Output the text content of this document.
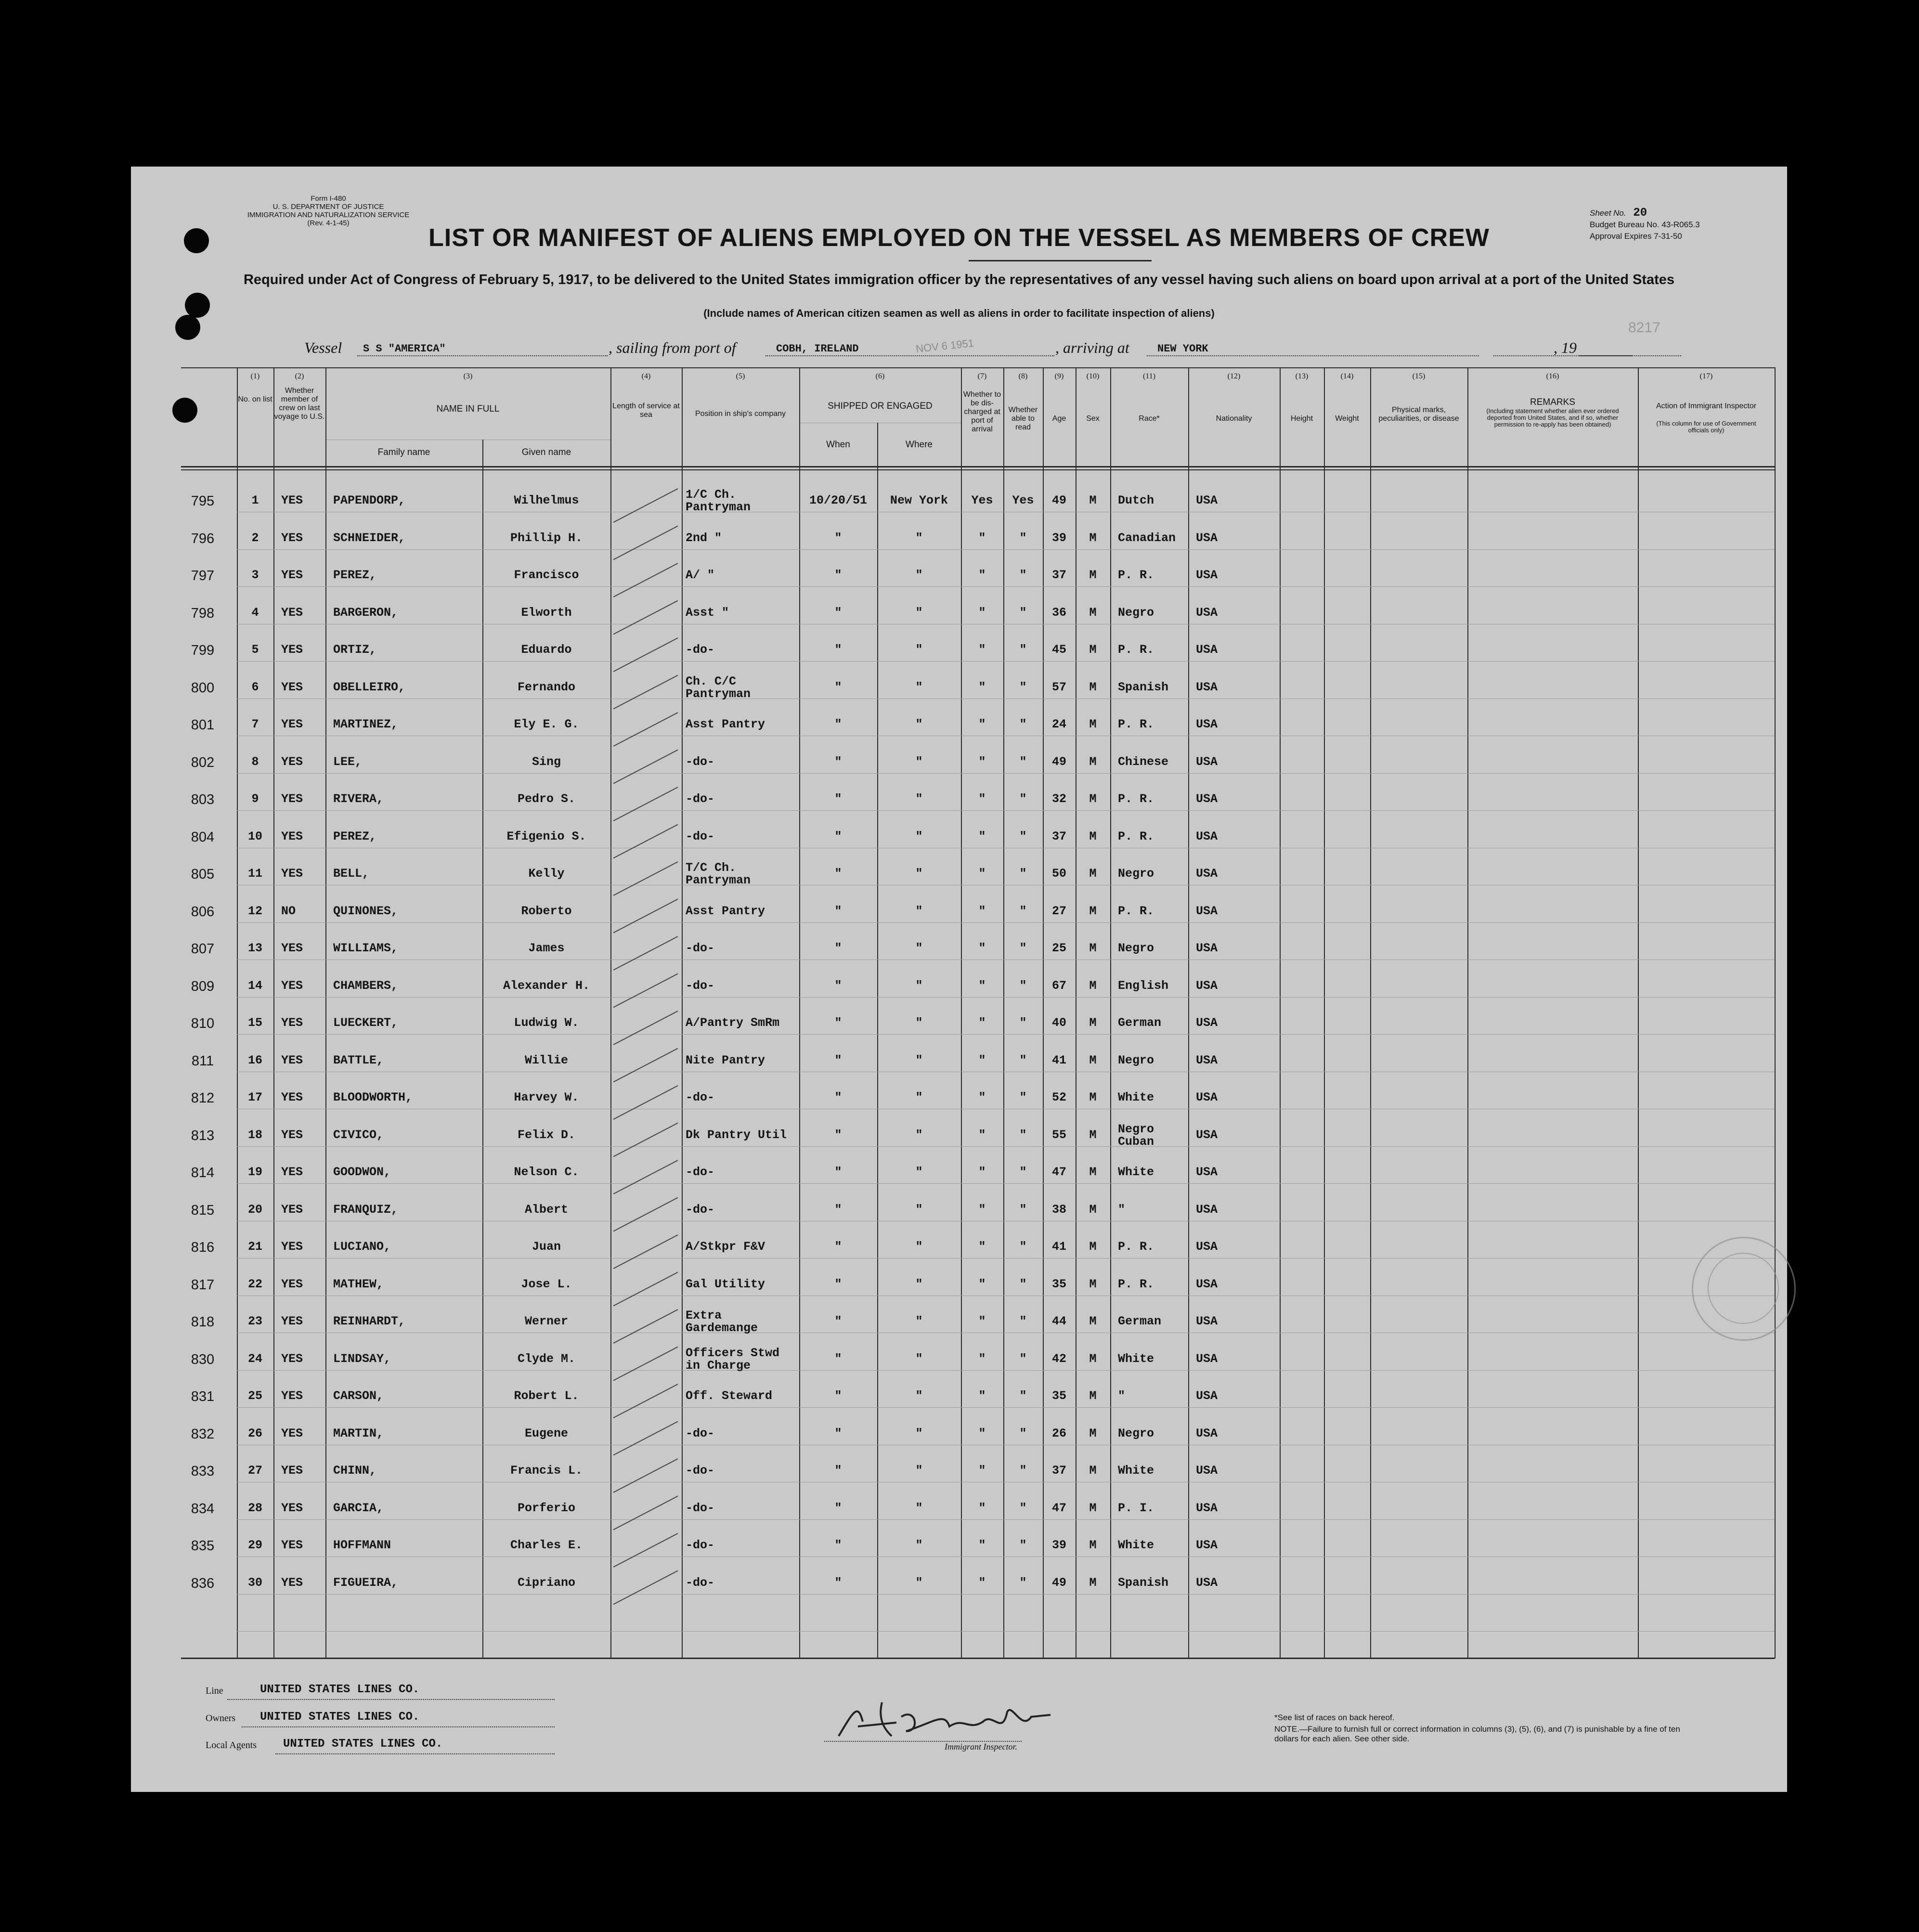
Form I-480
U. S. DEPARTMENT OF JUSTICE
IMMIGRATION AND NATURALIZATION SERVICE
(Rev. 4-1-45)
Sheet No. 20
Budget Bureau No. 43-R065.3
Approval Expires 7-31-50
LIST OR MANIFEST OF ALIENS EMPLOYED ON THE VESSEL AS MEMBERS OF CREW
Required under Act of Congress of February 5, 1917, to be delivered to the United States immigration officer by the representatives of any vessel having such aliens on board upon arrival at a port of the United States
(Include names of American citizen seamen as well as aliens in order to facilitate inspection of aliens)
Vessel S S "AMERICA"	, sailing from port of	COBH, IRELAND	NOV 6 1951	, arriving at	NEW YORK	, 19
8217
(1)	(2)	(3)	(4)	(5)	(6)	(7)	(8)	(9)	(10)	(11)	(12)	(13)	(14)	(15)	(16)	(17)
No. on list
Whether member of crew on last voyage to U.S.
NAME IN FULL
Family name	Given name
Length of service at sea	Position in ship's company
SHIPPED OR ENGAGED
When	Where
Whether to be dis-charged at port of arrival
Whether able to read
Age	Sex	Race*	Nationality	Height	Weight
Physical marks, peculiarities, or disease
REMARKS
(Including statement whether alien ever ordered deported from United States, and if so, whether permission to re-apply has been obtained)
Action of Immigrant Inspector
(This column for use of Government officials only)
795	1	YES	PAPENDORP,	Wilhelmus	1/C Ch.
Pantryman	10/20/51	New York	Yes	Yes	49	M	Dutch	USA
796	2	YES	SCHNEIDER,	Phillip H.	2nd "	"	"	"	"	39	M	Canadian	USA
797	3	YES	PEREZ,	Francisco	A/ "	"	"	"	"	37	M	P. R.	USA
798	4	YES	BARGERON,	Elworth	Asst "	"	"	"	"	36	M	Negro	USA
799	5	YES	ORTIZ,	Eduardo	-do-	"	"	"	"	45	M	P. R.	USA
800	6	YES	OBELLEIRO,	Fernando	Ch. C/C
Pantryman	"	"	"	"	57	M	Spanish	USA
801	7	YES	MARTINEZ,	Ely E. G.	Asst Pantry	"	"	"	"	24	M	P. R.	USA
802	8	YES	LEE,	Sing	-do-	"	"	"	"	49	M	Chinese	USA
803	9	YES	RIVERA,	Pedro S.	-do-	"	"	"	"	32	M	P. R.	USA
804	10	YES	PEREZ,	Efigenio S.	-do-	"	"	"	"	37	M	P. R.	USA
805	11	YES	BELL,	Kelly	T/C Ch.
Pantryman	"	"	"	"	50	M	Negro	USA
806	12	NO	QUINONES,	Roberto	Asst Pantry	"	"	"	"	27	M	P. R.	USA
807	13	YES	WILLIAMS,	James	-do-	"	"	"	"	25	M	Negro	USA
809	14	YES	CHAMBERS,	Alexander H.	-do-	"	"	"	"	67	M	English	USA
810	15	YES	LUECKERT,	Ludwig W.	A/Pantry SmRm	"	"	"	"	40	M	German	USA
811	16	YES	BATTLE,	Willie	Nite Pantry	"	"	"	"	41	M	Negro	USA
812	17	YES	BLOODWORTH,	Harvey W.	-do-	"	"	"	"	52	M	White	USA
813	18	YES	CIVICO,	Felix D.	Dk Pantry Util	"	"	"	"	55	M	Negro
Cuban	USA
814	19	YES	GOODWON,	Nelson C.	-do-	"	"	"	"	47	M	White	USA
815	20	YES	FRANQUIZ,	Albert	-do-	"	"	"	"	38	M	"	USA
816	21	YES	LUCIANO,	Juan	A/Stkpr F&V	"	"	"	"	41	M	P. R.	USA
817	22	YES	MATHEW,	Jose L.	Gal Utility	"	"	"	"	35	M	P. R.	USA
818	23	YES	REINHARDT,	Werner	Extra
Gardemange	"	"	"	"	44	M	German	USA
830	24	YES	LINDSAY,	Clyde M.	Officers Stwd
in Charge	"	"	"	"	42	M	White	USA
831	25	YES	CARSON,	Robert L.	Off. Steward	"	"	"	"	35	M	"	USA
832	26	YES	MARTIN,	Eugene	-do-	"	"	"	"	26	M	Negro	USA
833	27	YES	CHINN,	Francis L.	-do-	"	"	"	"	37	M	White	USA
834	28	YES	GARCIA,	Porferio	-do-	"	"	"	"	47	M	P. I.	USA
835	29	YES	HOFFMANN	Charles E.	-do-	"	"	"	"	39	M	White	USA
836	30	YES	FIGUEIRA,	Cipriano	-do-	"	"	"	"	49	M	Spanish	USA
Line	UNITED STATES LINES CO.
Owners UNITED STATES LINES CO.
Local Agents UNITED STATES LINES CO.	Immigrant Inspector.
*See list of races on back hereof.
NOTE.—Failure to furnish full or correct information in columns (3), (5), (6), and (7) is punishable by a fine of ten dollars for each alien. See other side.
